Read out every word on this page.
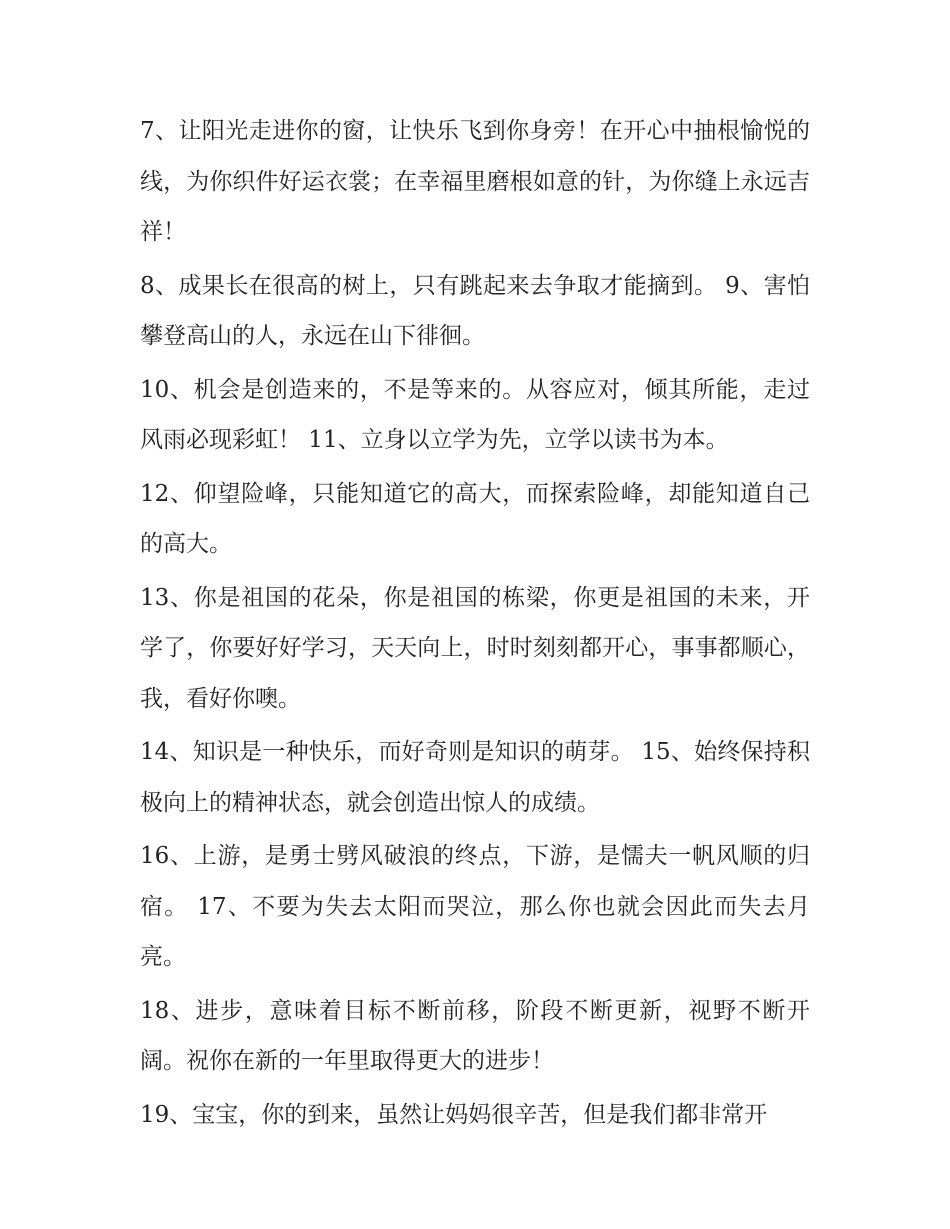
7、让阳光走进你的窗，让快乐飞到你身旁！在开心中抽根愉悦的线，为你织件好运衣裳；在幸福里磨根如意的针，为你缝上永远吉祥！

8、成果长在很高的树上，只有跳起来去争取才能摘到。 9、害怕攀登高山的人，永远在山下徘徊。

10、机会是创造来的，不是等来的。从容应对，倾其所能，走过风雨必现彩虹！ 11、立身以立学为先，立学以读书为本。

12、仰望险峰，只能知道它的高大，而探索险峰，却能知道自己的高大。

13、你是祖国的花朵，你是祖国的栋梁，你更是祖国的未来，开学了，你要好好学习，天天向上，时时刻刻都开心，事事都顺心，我，看好你噢。

14、知识是一种快乐，而好奇则是知识的萌芽。 15、始终保持积极向上的精神状态，就会创造出惊人的成绩。

16、上游，是勇士劈风破浪的终点，下游，是懦夫一帆风顺的归宿。 17、不要为失去太阳而哭泣，那么你也就会因此而失去月亮。

18、进步，意味着目标不断前移，阶段不断更新，视野不断开阔。祝你在新的一年里取得更大的进步！

19、宝宝，你的到来，虽然让妈妈很辛苦，但是我们都非常开
